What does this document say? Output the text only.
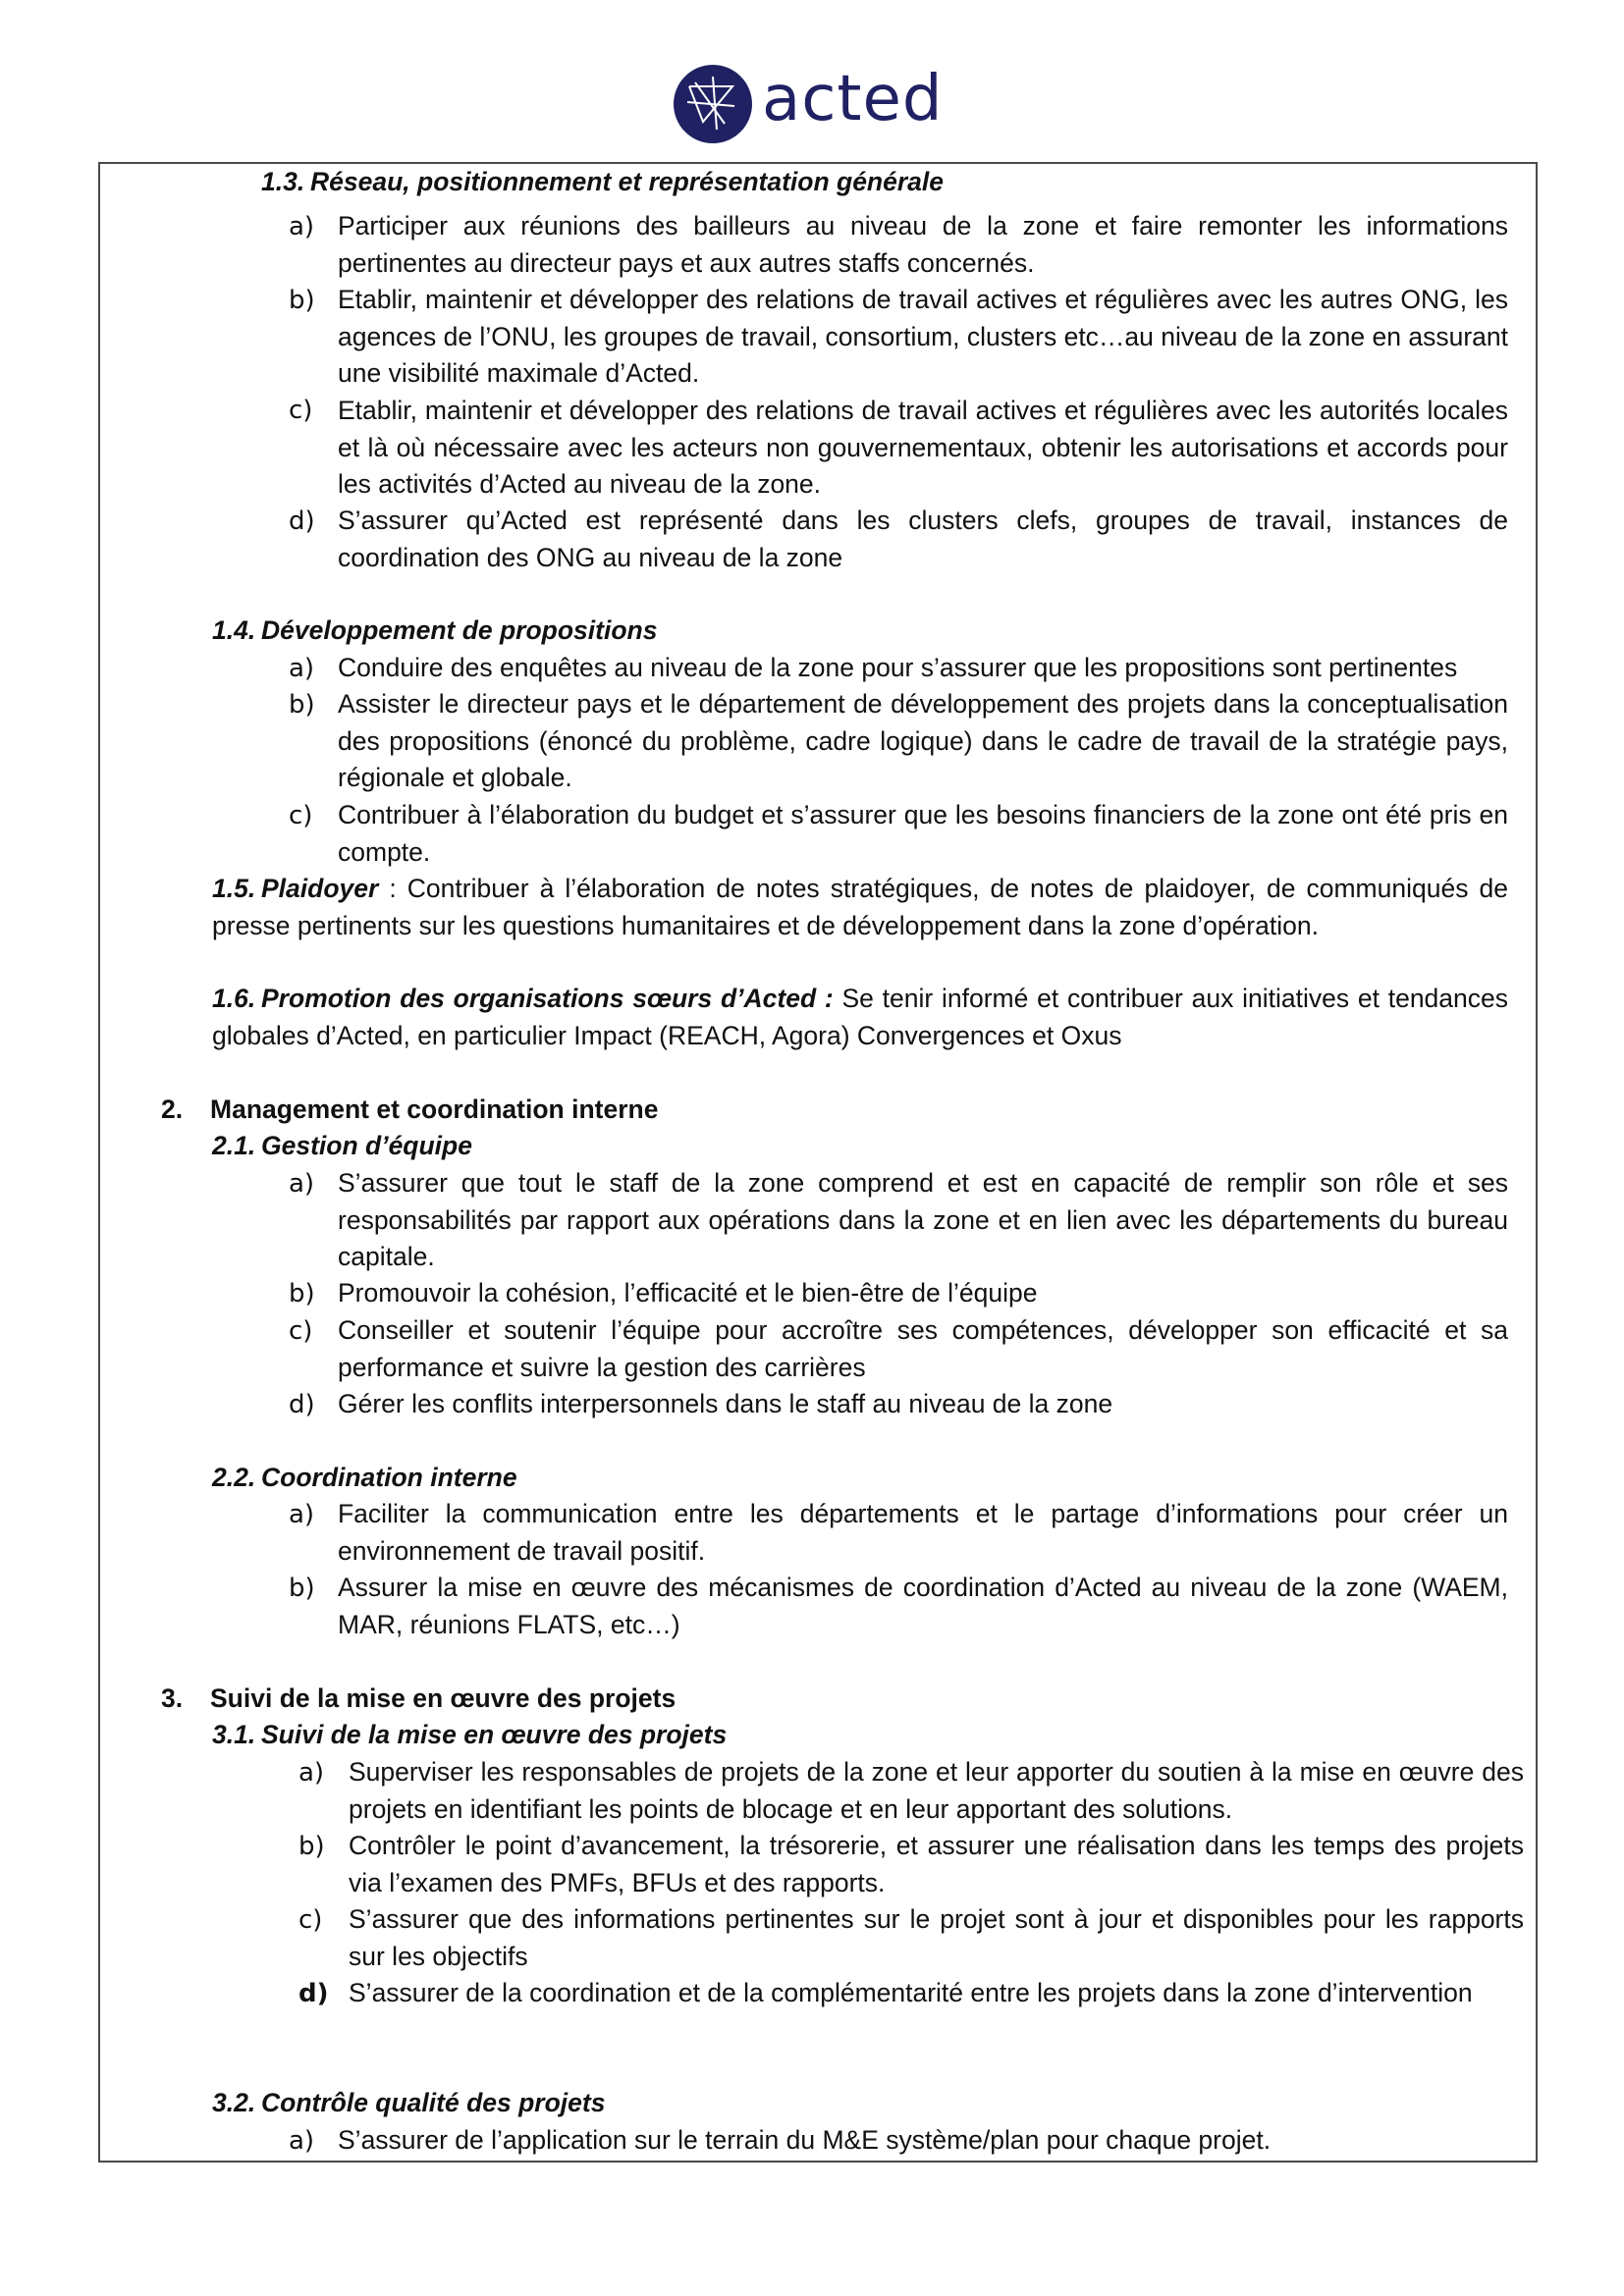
acted
1.3. Réseau, positionnement et représentation générale
a) Participer aux réunions des bailleurs au niveau de la zone et faire remonter les informations pertinentes au directeur pays et aux autres staffs concernés.
b) Etablir, maintenir et développer des relations de travail actives et régulières avec les autres ONG, les agences de l’ONU, les groupes de travail, consortium, clusters etc…au niveau de la zone en assurant une visibilité maximale d’Acted.
c) Etablir, maintenir et développer des relations de travail actives et régulières avec les autorités locales et là où nécessaire avec les acteurs non gouvernementaux, obtenir les autorisations et accords pour les activités d’Acted au niveau de la zone.
d) S’assurer qu’Acted est représenté dans les clusters clefs, groupes de travail, instances de coordination des ONG au niveau de la zone
1.4. Développement de propositions
a) Conduire des enquêtes au niveau de la zone pour s’assurer que les propositions sont pertinentes
b) Assister le directeur pays et le département de développement des projets dans la conceptualisation des propositions (énoncé du problème, cadre logique) dans le cadre de travail de la stratégie pays, régionale et globale.
c) Contribuer à l’élaboration du budget et s’assurer que les besoins financiers de la zone ont été pris en compte.
1.5. Plaidoyer : Contribuer à l’élaboration de notes stratégiques, de notes de plaidoyer, de communiqués de presse pertinents sur les questions humanitaires et de développement dans la zone d’opération.
1.6. Promotion des organisations sœurs d’Acted : Se tenir informé et contribuer aux initiatives et tendances globales d’Acted, en particulier Impact (REACH, Agora) Convergences et Oxus
2. Management et coordination interne
2.1. Gestion d’équipe
a) S’assurer que tout le staff de la zone comprend et est en capacité de remplir son rôle et ses responsabilités par rapport aux opérations dans la zone et en lien avec les départements du bureau capitale.
b) Promouvoir la cohésion, l’efficacité et le bien-être de l’équipe
c) Conseiller et soutenir l’équipe pour accroître ses compétences, développer son efficacité et sa performance et suivre la gestion des carrières
d) Gérer les conflits interpersonnels dans le staff au niveau de la zone
2.2. Coordination interne
a) Faciliter la communication entre les départements et le partage d’informations pour créer un environnement de travail positif.
b) Assurer la mise en œuvre des mécanismes de coordination d’Acted au niveau de la zone (WAEM, MAR, réunions FLATS, etc…)
3. Suivi de la mise en œuvre des projets
3.1. Suivi de la mise en œuvre des projets
a) Superviser les responsables de projets de la zone et leur apporter du soutien à la mise en œuvre des projets en identifiant les points de blocage et en leur apportant des solutions.
b) Contrôler le point d’avancement, la trésorerie, et assurer une réalisation dans les temps des projets via l’examen des PMFs, BFUs et des rapports.
c) S’assurer que des informations pertinentes sur le projet sont à jour et disponibles pour les rapports sur les objectifs
d) S’assurer de la coordination et de la complémentarité entre les projets dans la zone d’intervention
3.2. Contrôle qualité des projets
a) S’assurer de l’application sur le terrain du M&E système/plan pour chaque projet.
